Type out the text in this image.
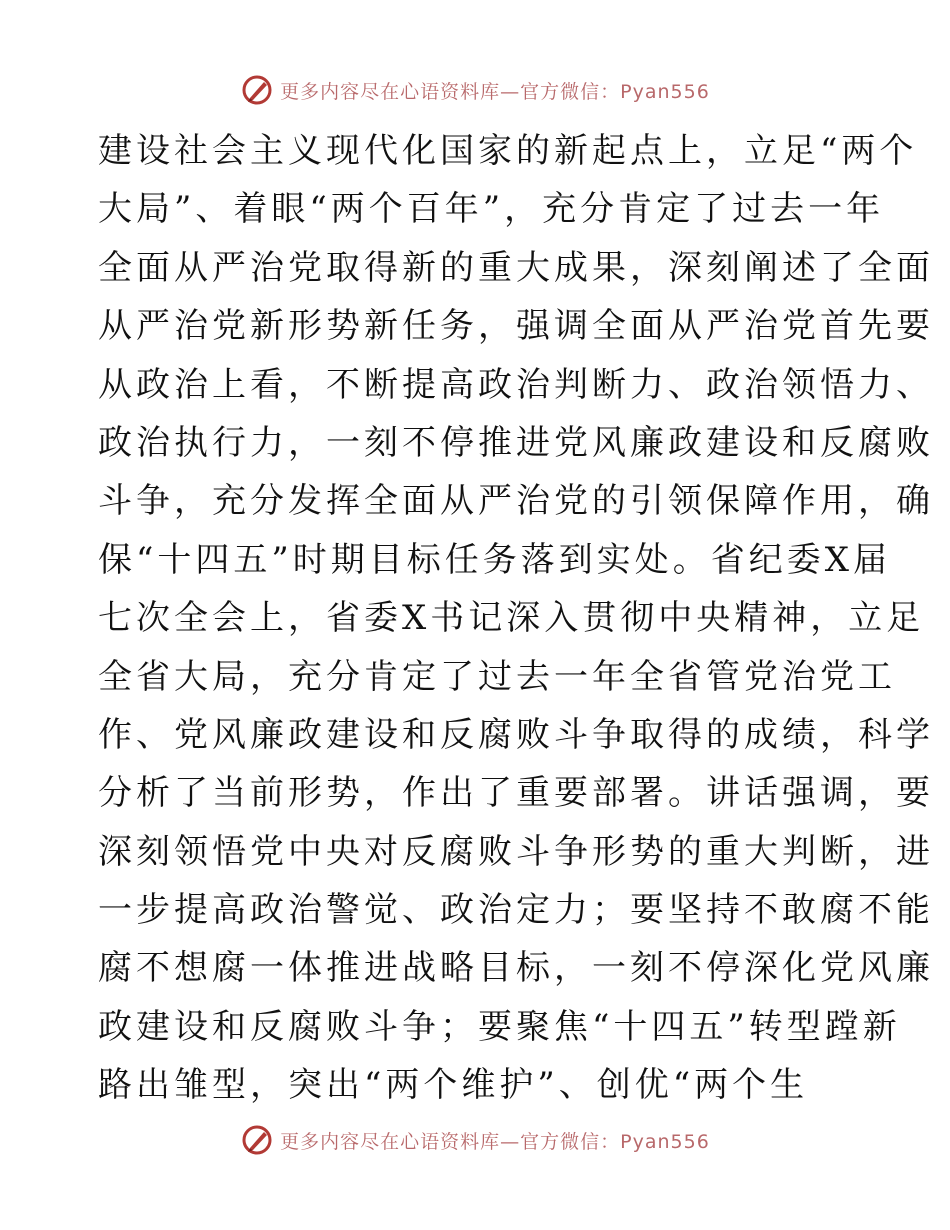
更多内容尽在心语资料库—官方微信：Pyan556
建设社会主义现代化国家的新起点上，立足“两个
大局”、着眼“两个百年”，充分肯定了过去一年
全面从严治党取得新的重大成果，深刻阐述了全面
从严治党新形势新任务，强调全面从严治党首先要
从政治上看，不断提高政治判断力、政治领悟力、
政治执行力，一刻不停推进党风廉政建设和反腐败
斗争，充分发挥全面从严治党的引领保障作用，确
保“十四五”时期目标任务落到实处。省纪委X届
七次全会上，省委X书记深入贯彻中央精神，立足
全省大局，充分肯定了过去一年全省管党治党工
作、党风廉政建设和反腐败斗争取得的成绩，科学
分析了当前形势，作出了重要部署。讲话强调，要
深刻领悟党中央对反腐败斗争形势的重大判断，进
一步提高政治警觉、政治定力；要坚持不敢腐不能
腐不想腐一体推进战略目标，一刻不停深化党风廉
政建设和反腐败斗争；要聚焦“十四五”转型蹚新
路出雏型，突出“两个维护”、创优“两个生
更多内容尽在心语资料库—官方微信：Pyan556
